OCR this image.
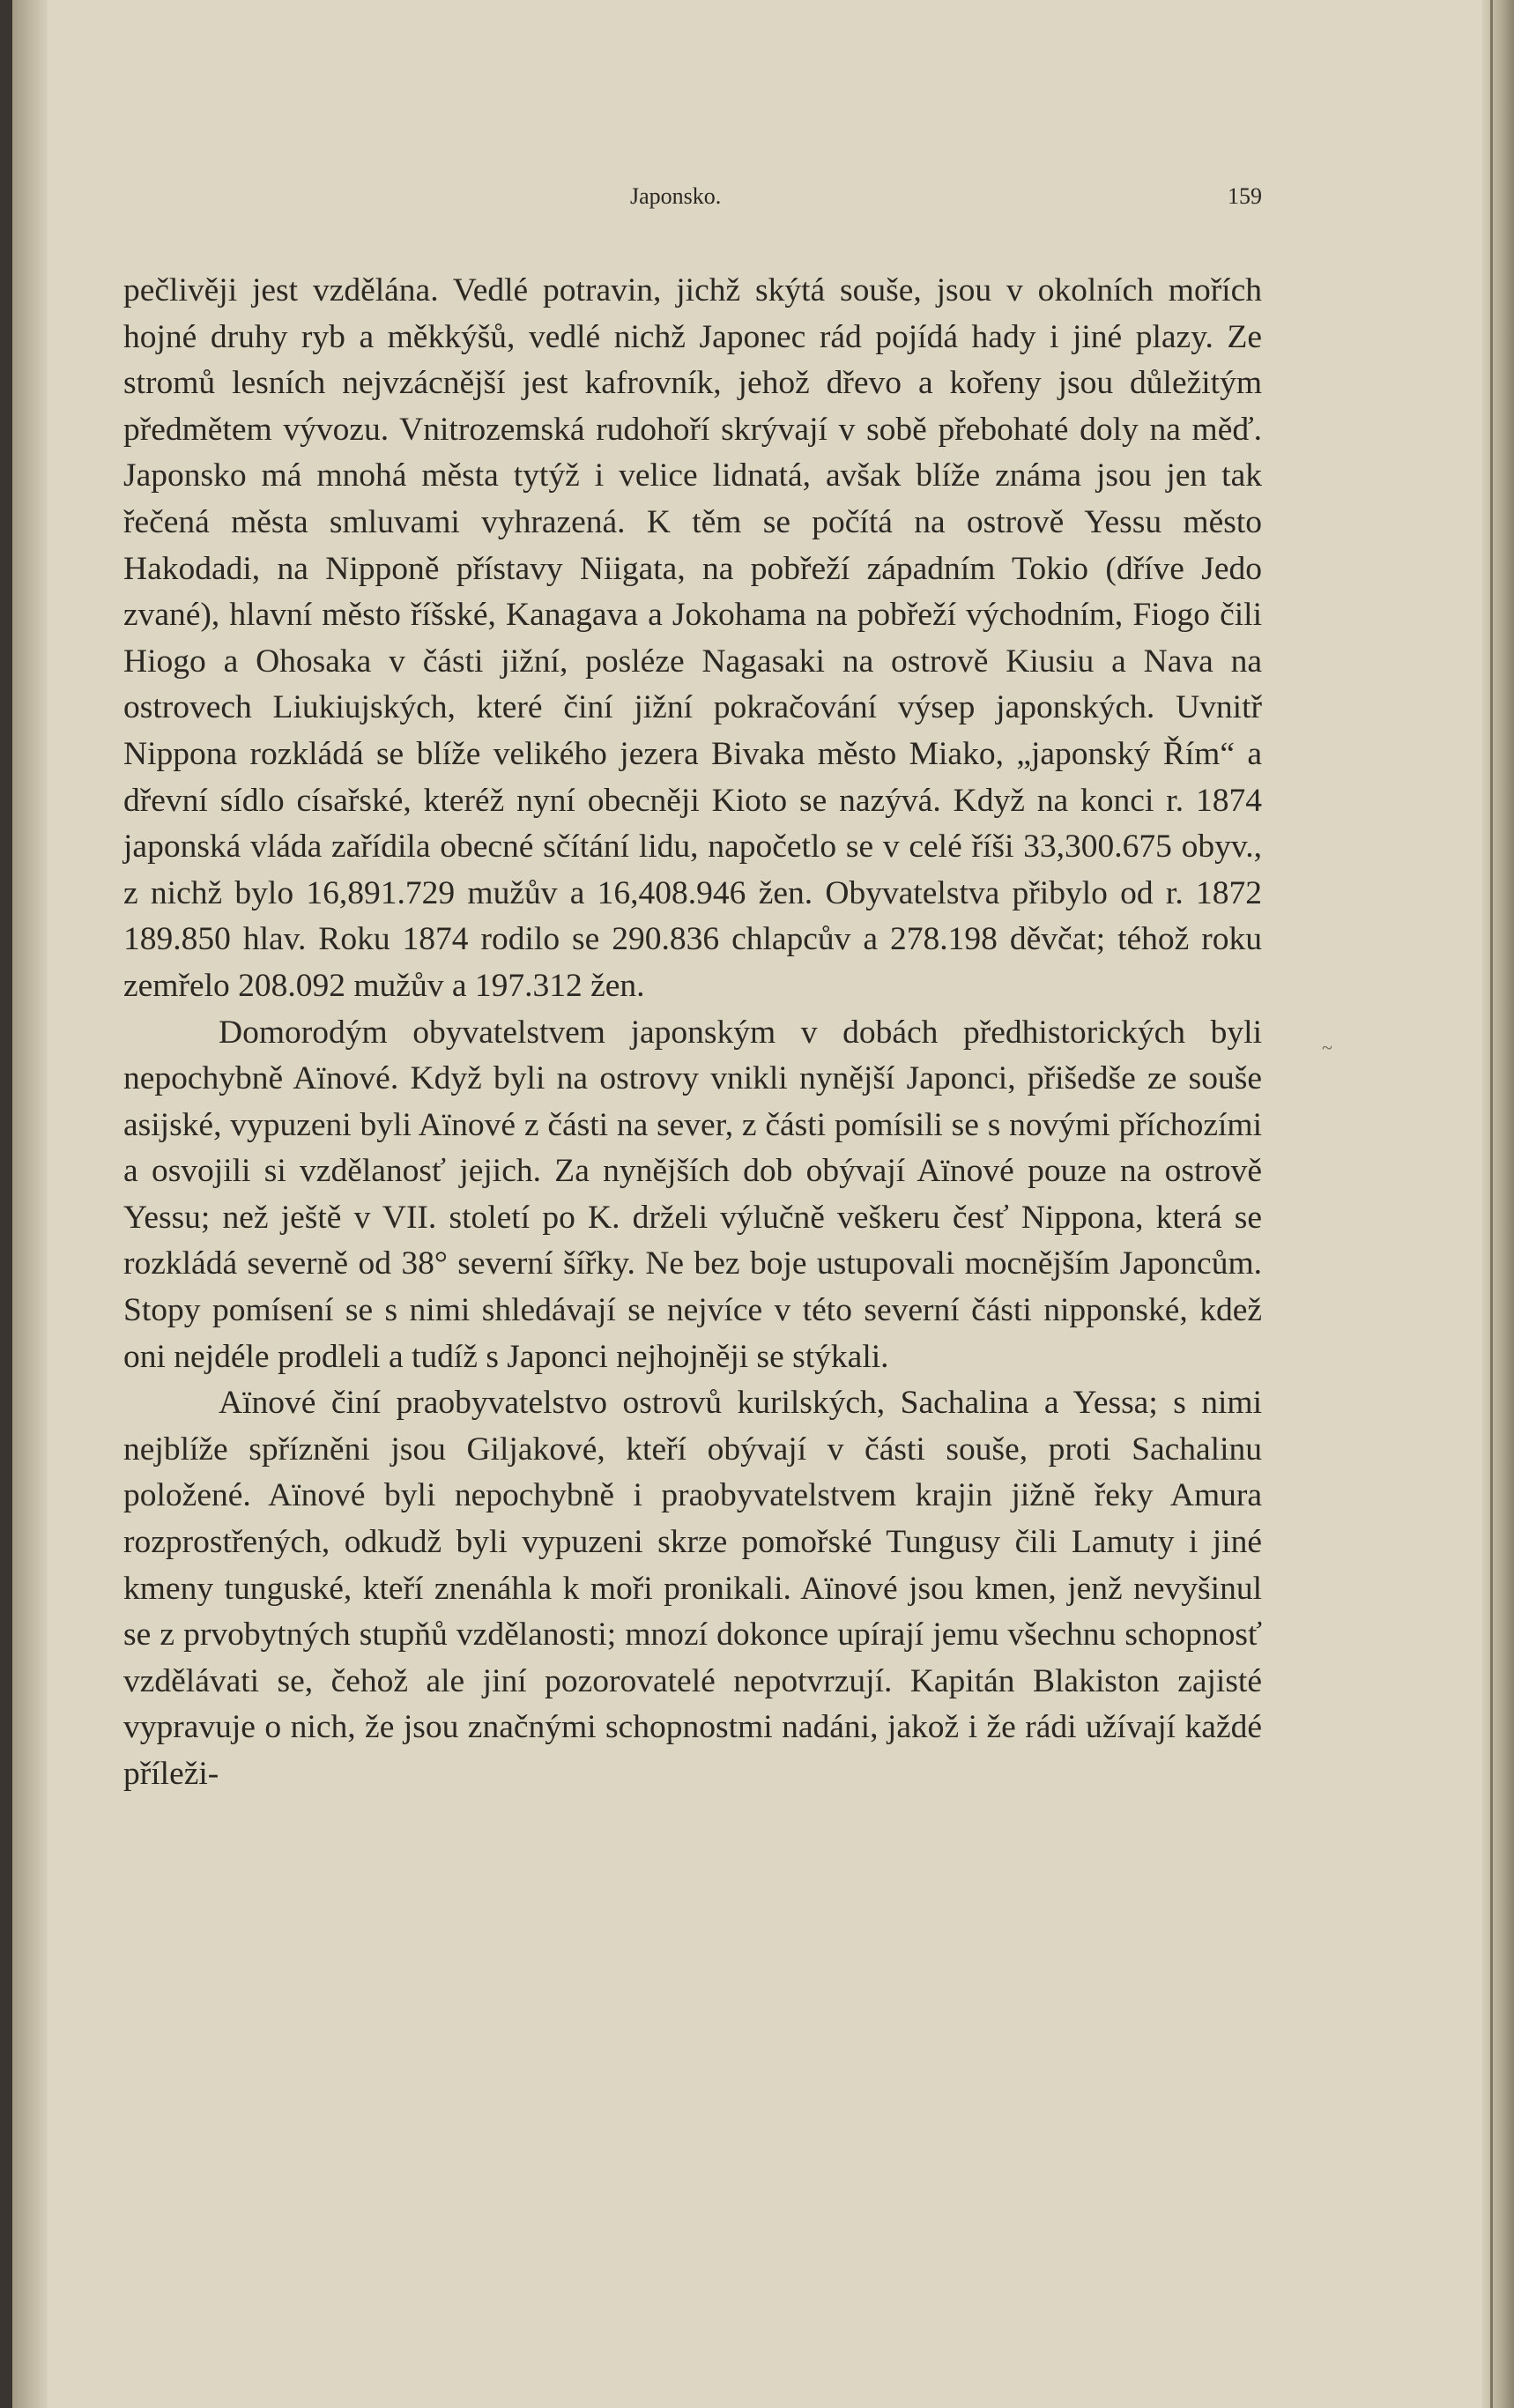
Japonsko.	159

pečlivěji jest vzdělána. Vedlé potravin, jichž skýtá souše, jsou v okolních mořích hojné druhy ryb a měkkýšů, vedlé nichž Japonec rád pojídá hady i jiné plazy. Ze stromů lesních nejvzácnější jest kafrovník, jehož dřevo a kořeny jsou důležitým předmětem vývozu. Vnitrozemská rudohoří skrývají v sobě přebohaté doly na měď. Japonsko má mnohá města tytýž i velice lidnatá, avšak blíže známa jsou jen tak řečená města smluvami vyhrazená. K těm se počítá na ostrově Yessu město Hakodadi, na Nipponě přístavy Niigata, na pobřeží západním Tokio (dříve Jedo zvané), hlavní město říšské, Kanagava a Jokohama na pobřeží východním, Fiogo čili Hiogo a Ohosaka v části jižní, posléze Nagasaki na ostrově Kiusiu a Nava na ostrovech Liukiujských, které činí jižní pokračování výsep japonských. Uvnitř Nippona rozkládá se blíže velikého jezera Bivaka město Miako, „japonský Řím“ a dřevní sídlo císařské, kteréž nyní obecněji Kioto se nazývá. Když na konci r. 1874 japonská vláda zařídila obecné sčítání lidu, napočetlo se v celé říši 33,300.675 obyv., z nichž bylo 16,891.729 mužův a 16,408.946 žen. Obyvatelstva přibylo od r. 1872 189.850 hlav. Roku 1874 rodilo se 290.836 chlapcův a 278.198 děvčat; téhož roku zemřelo 208.092 mužův a 197.312 žen.

Domorodým obyvatelstvem japonským v dobách předhistorických byli nepochybně Aïnové. Když byli na ostrovy vnikli nynější Japonci, přišedše ze souše asijské, vypuzeni byli Aïnové z části na sever, z části pomísili se s novými příchozími a osvojili si vzdělanosť jejich. Za nynějších dob obývají Aïnové pouze na ostrově Yessu; než ještě v VII. století po K. drželi výlučně veškeru česť Nippona, která se rozkládá severně od 38° severní šířky. Ne bez boje ustupovali mocnějším Japoncům. Stopy pomísení se s nimi shledávají se nejvíce v této severní části nipponské, kdež oni nejdéle prodleli a tudíž s Japonci nejhojněji se stýkali.

Aïnové činí praobyvatelstvo ostrovů kurilských, Sachalina a Yessa; s nimi nejblíže spřízněni jsou Giljakové, kteří obývají v části souše, proti Sachalinu položené. Aïnové byli nepochybně i praobyvatelstvem krajin jižně řeky Amura rozprostřených, odkudž byli vypuzeni skrze pomořské Tungusy čili Lamuty i jiné kmeny tunguské, kteří znenáhla k moři pronikali. Aïnové jsou kmen, jenž nevyšinul se z prvobytných stupňů vzdělanosti; mnozí dokonce upírají jemu všechnu schopnosť vzdělávati se, čehož ale jiní pozorovatelé nepotvrzují. Kapitán Blakiston zajisté vypravuje o nich, že jsou značnými schopnostmi nadáni, jakož i že rádi užívají každé příleži-

~
